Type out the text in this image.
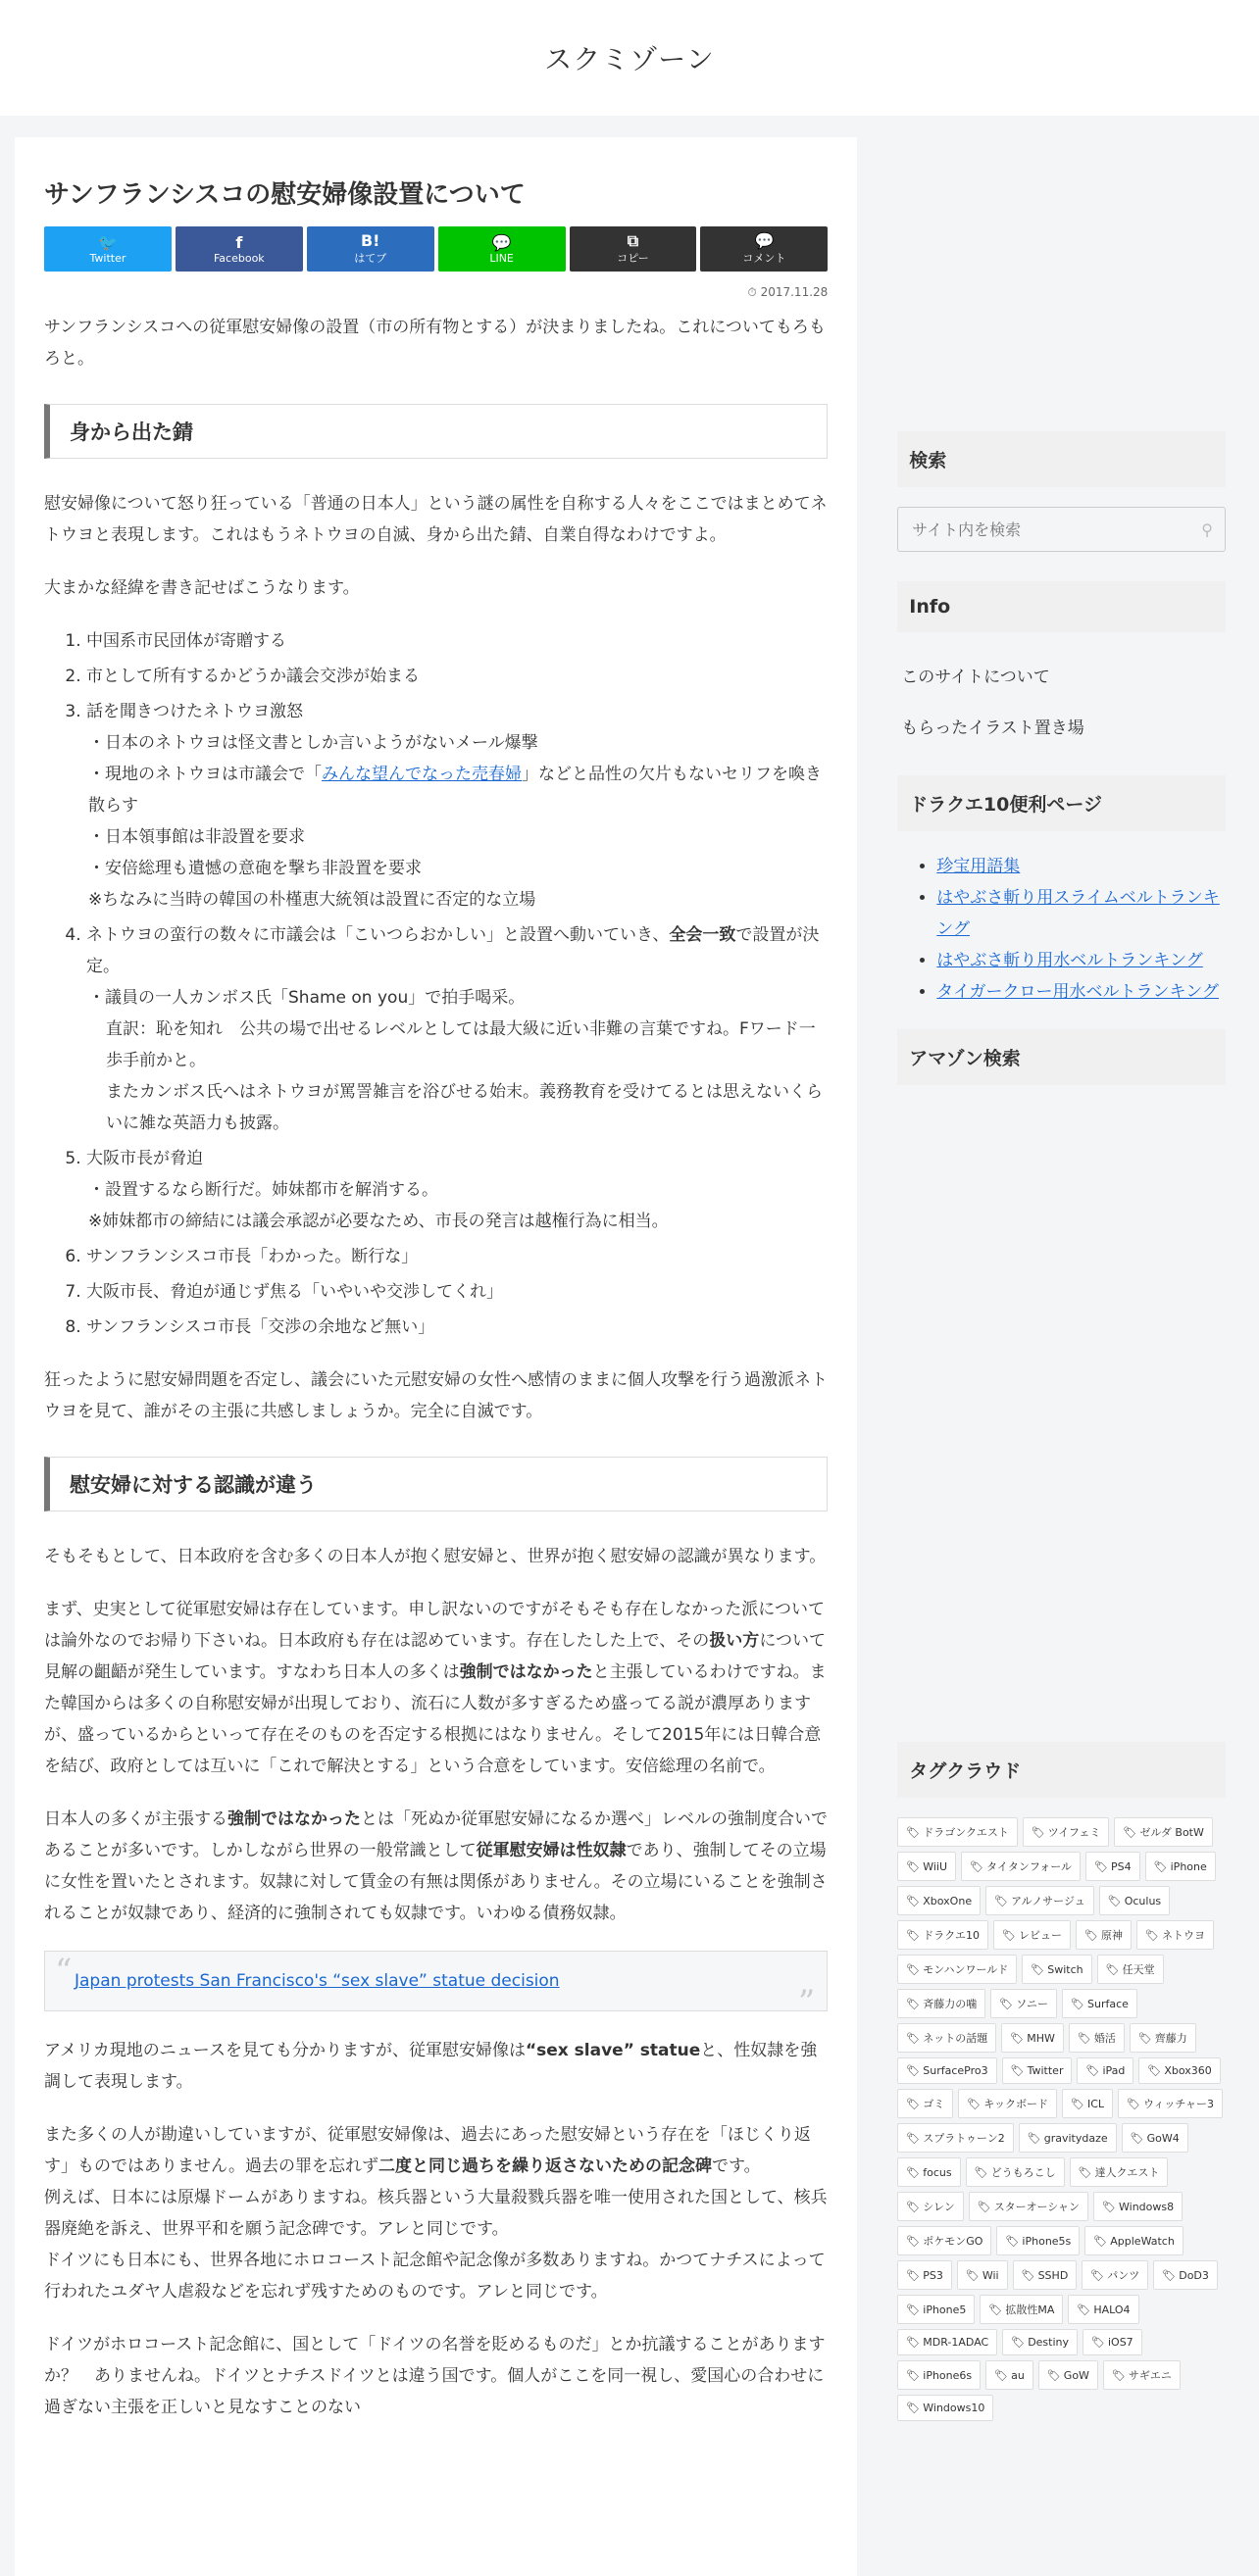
スクミゾーン
サンフランシスコの慰安婦像設置について
🐦
Twitter
f
Facebook
B!
はてブ
💬
LINE
⧉
コピー
💬
コメント
⏱ 2017.11.28

サンフランシスコへの従軍慰安婦像の設置（市の所有物とする）が決まりましたね。これについてもろもろと。

身から出た錆

慰安婦像について怒り狂っている「普通の日本人」という謎の属性を自称する人々をここではまとめてネトウヨと表現します。これはもうネトウヨの自滅、身から出た錆、自業自得なわけですよ。

大まかな経緯を書き記せばこうなります。

1. 中国系市民団体が寄贈する
2. 市として所有するかどうか議会交渉が始まる
3. 話を聞きつけたネトウヨ激怒
・日本のネトウヨは怪文書としか言いようがないメール爆撃
・現地のネトウヨは市議会で「みんな望んでなった売春婦」などと品性の欠片もないセリフを喚き散らす
・日本領事館は非設置を要求
・安倍総理も遺憾の意砲を撃ち非設置を要求
※ちなみに当時の韓国の朴槿恵大統領は設置に否定的な立場
4. ネトウヨの蛮行の数々に市議会は「こいつらおかしい」と設置へ動いていき、全会一致で設置が決定。
・議員の一人カンボス氏「Shame on you」で拍手喝采。
直訳：恥を知れ　公共の場で出せるレベルとしては最大級に近い非難の言葉ですね。Fワード一歩手前かと。
またカンボス氏へはネトウヨが罵詈雑言を浴びせる始末。義務教育を受けてるとは思えないくらいに雑な英語力も披露。
5. 大阪市長が脅迫
・設置するなら断行だ。姉妹都市を解消する。
※姉妹都市の締結には議会承認が必要なため、市長の発言は越権行為に相当。
6. サンフランシスコ市長「わかった。断行な」
7. 大阪市長、脅迫が通じず焦る「いやいや交渉してくれ」
8. サンフランシスコ市長「交渉の余地など無い」

狂ったように慰安婦問題を否定し、議会にいた元慰安婦の女性へ感情のままに個人攻撃を行う過激派ネトウヨを見て、誰がその主張に共感しましょうか。完全に自滅です。

慰安婦に対する認識が違う

そもそもとして、日本政府を含む多くの日本人が抱く慰安婦と、世界が抱く慰安婦の認識が異なります。

まず、史実として従軍慰安婦は存在しています。申し訳ないのですがそもそも存在しなかった派については論外なのでお帰り下さいね。日本政府も存在は認めています。存在したした上で、その扱い方について見解の齟齬が発生しています。すなわち日本人の多くは強制ではなかったと主張しているわけですね。また韓国からは多くの自称慰安婦が出現しており、流石に人数が多すぎるため盛ってる説が濃厚ありますが、盛っているからといって存在そのものを否定する根拠にはなりません。そして2015年には日韓合意を結び、政府としては互いに「これで解決とする」という合意をしています。安倍総理の名前で。

日本人の多くが主張する強制ではなかったとは「死ぬか従軍慰安婦になるか選べ」レベルの強制度合いであることが多いです。しかしながら世界の一般常識として従軍慰安婦は性奴隷であり、強制してその立場に女性を置いたとされます。奴隷に対して賃金の有無は関係がありません。その立場にいることを強制されることが奴隷であり、経済的に強制されても奴隷です。いわゆる債務奴隷。

“ Japan protests San Francisco's “sex slave” statue decision
”

アメリカ現地のニュースを見ても分かりますが、従軍慰安婦像は“sex slave” statueと、性奴隷を強調して表現します。

また多くの人が勘違いしていますが、従軍慰安婦像は、過去にあった慰安婦という存在を「ほじくり返す」ものではありません。過去の罪を忘れず二度と同じ過ちを繰り返さないための記念碑です。
例えば、日本には原爆ドームがありますね。核兵器という大量殺戮兵器を唯一使用された国として、核兵器廃絶を訴え、世界平和を願う記念碑です。アレと同じです。
ドイツにも日本にも、世界各地にホロコースト記念館や記念像が多数ありますね。かつてナチスによって行われたユダヤ人虐殺などを忘れず残すためのものです。アレと同じです。

ドイツがホロコースト記念館に、国として「ドイツの名誉を貶めるものだ」とか抗議することがありますか？　ありませんね。ドイツとナチスドイツとは違う国です。個人がここを同一視し、愛国心の合わせに過ぎない主張を正しいと見なすことのない

検索
サイト内を検索
⚲
Info
このサイトについて
もらったイラスト置き場
ドラクエ10便利ページ
• 珍宝用語集
• はやぶさ斬り用スライムベルトランキング
• はやぶさ斬り用水ベルトランキング
• タイガークロー用水ベルトランキング
アマゾン検索
タグクラウド
🏷 ドラゴンクエスト 🏷 ツイフェミ 🏷 ゼルダ BotW
🏷 WiiU 🏷 タイタンフォール 🏷 PS4 🏷 iPhone
🏷 XboxOne 🏷 アルノサージュ 🏷 Oculus
🏷 ドラクエ10 🏷 レビュー 🏷 原神 🏷 ネトウヨ
🏷 モンハンワールド 🏷 Switch 🏷 任天堂
🏷 斉藤力の噛 🏷 ソニー 🏷 Surface
🏷 ネットの話題 🏷 MHW 🏷 婚活 🏷 齊藤力
🏷 SurfacePro3 🏷 Twitter 🏷 iPad 🏷 Xbox360
🏷 ゴミ 🏷 キックボード 🏷 ICL 🏷 ウィッチャー3
🏷 スプラトゥーン2 🏷 gravitydaze 🏷 GoW4
🏷 focus 🏷 どうもろこし 🏷 達人クエスト
🏷 シレン 🏷 スターオーシャン 🏷 Windows8
🏷 ポケモンGO 🏷 iPhone5s 🏷 AppleWatch
🏷 PS3 🏷 Wii 🏷 SSHD 🏷 パンツ 🏷 DoD3
🏷 iPhone5 🏷 拡散性MA 🏷 HALO4
🏷 MDR-1ADAC 🏷 Destiny 🏷 iOS7
🏷 iPhone6s 🏷 au 🏷 GoW 🏷 サギエニ
🏷 Windows10
